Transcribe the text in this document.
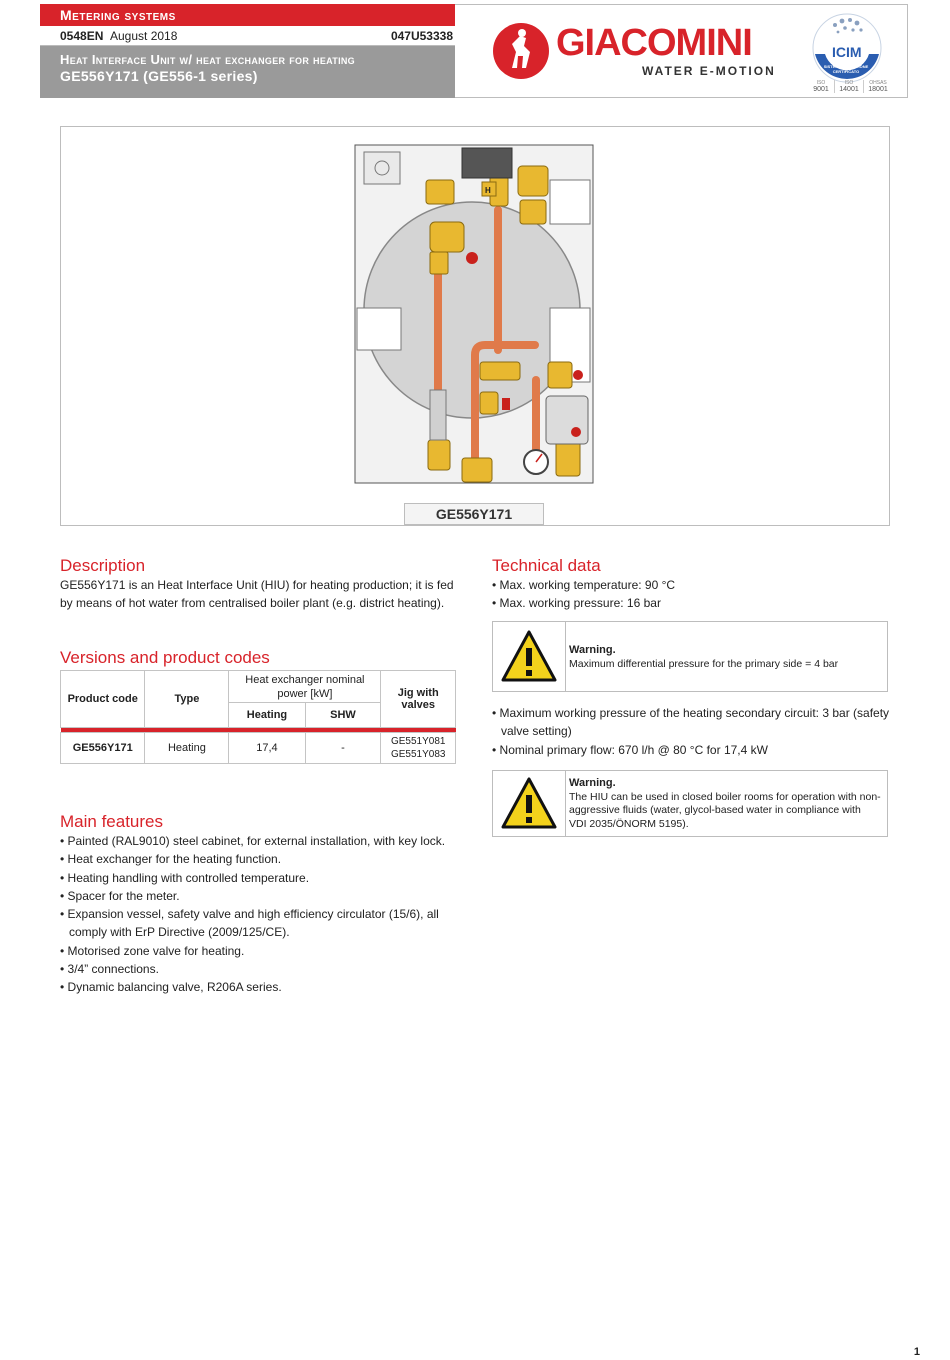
Metering systems
0548EN August 2018	047U53338
Heat Interface Unit w/ heat exchanger for heating
GE556Y171 (GE556-1 series)
GIACOMINI
WATER E-MOTION
ICIM
SISTEMA DI GESTIONE CERTIFICATO
ISO
9001
ISO
14001
OHSAS
18001
H
GE556Y171
Description
GE556Y171 is an Heat Interface Unit (HIU) for heating production; it is fed by means of hot water from centralised boiler plant (e.g. district heating).
Versions and product codes
Product code	Type	Heat exchanger nominal power [kW]		Jig with valves
		Heating	SHW	

GE556Y171	Heating	17,4	-	GE551Y081
GE551Y083
Main features
• Painted (RAL9010) steel cabinet, for external installation, with key lock.
• Heat exchanger for the heating function.
• Heating handling with controlled temperature.
• Spacer for the meter.
• Expansion vessel, safety valve and high efficiency circulator (15/6), all comply with ErP Directive (2009/125/CE).
• Motorised zone valve for heating.
• 3/4” connections.
• Dynamic balancing valve, R206A series.
Technical data
• Max. working temperature: 90 °C
• Max. working pressure: 16 bar
Warning.
Maximum differential pressure for the primary side = 4 bar
• Maximum working pressure of the heating secondary circuit: 3 bar (safety valve setting)
• Nominal primary flow: 670 l/h @ 80 °C for 17,4 kW
Warning.
The HIU can be used in closed boiler rooms for operation with non-aggressive fluids (water, glycol-based water in compliance with VDI 2035/ÖNORM 5195).
1
